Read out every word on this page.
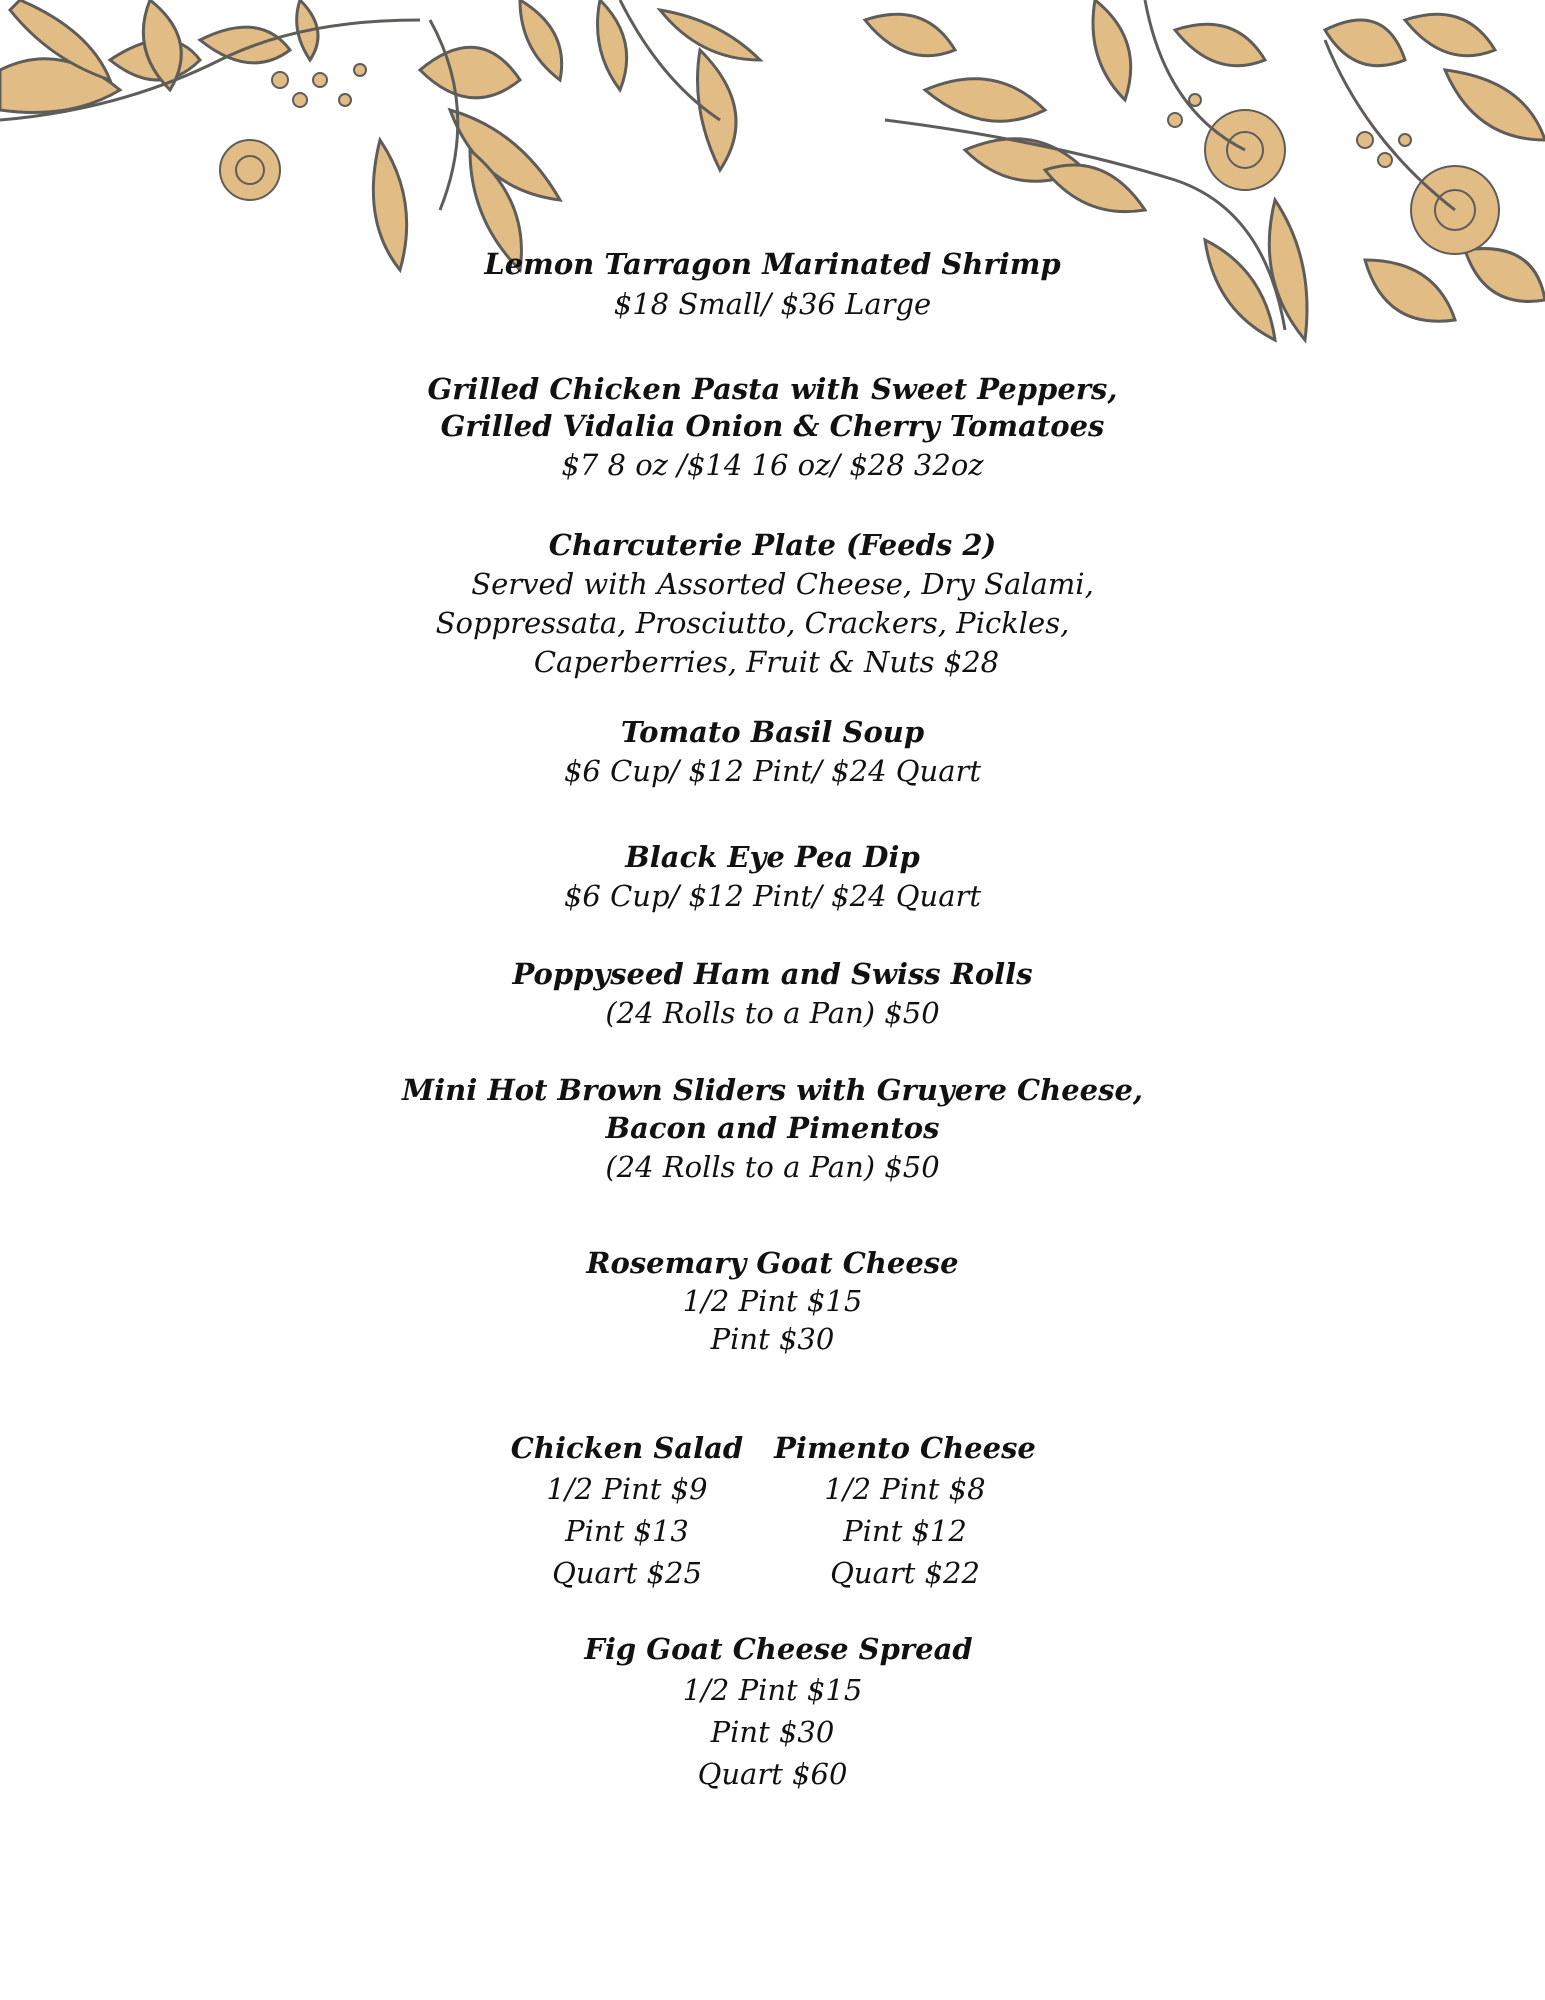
Lemon Tarragon Marinated Shrimp
$18 Small/ $36 Large
Grilled Chicken Pasta with Sweet Peppers,
Grilled Vidalia Onion & Cherry Tomatoes
$7 8 oz /$14 16 oz/ $28 32oz
Charcuterie Plate (Feeds 2)
Served with Assorted Cheese, Dry Salami,
Soppressata, Prosciutto, Crackers, Pickles,
Caperberries, Fruit & Nuts $28
Tomato Basil Soup
$6 Cup/ $12 Pint/ $24 Quart
Black Eye Pea Dip
$6 Cup/ $12 Pint/ $24 Quart
Poppyseed Ham and Swiss Rolls
(24 Rolls to a Pan) $50
Mini Hot Brown Sliders with Gruyere Cheese,
Bacon and Pimentos
(24 Rolls to a Pan) $50
Rosemary Goat Cheese
1/2 Pint $15
Pint $30
Chicken Salad
1/2 Pint $9
Pint $13
Quart $25
Pimento Cheese
1/2 Pint $8
Pint $12
Quart $22
Fig Goat Cheese Spread
1/2 Pint $15
Pint $30
Quart $60
